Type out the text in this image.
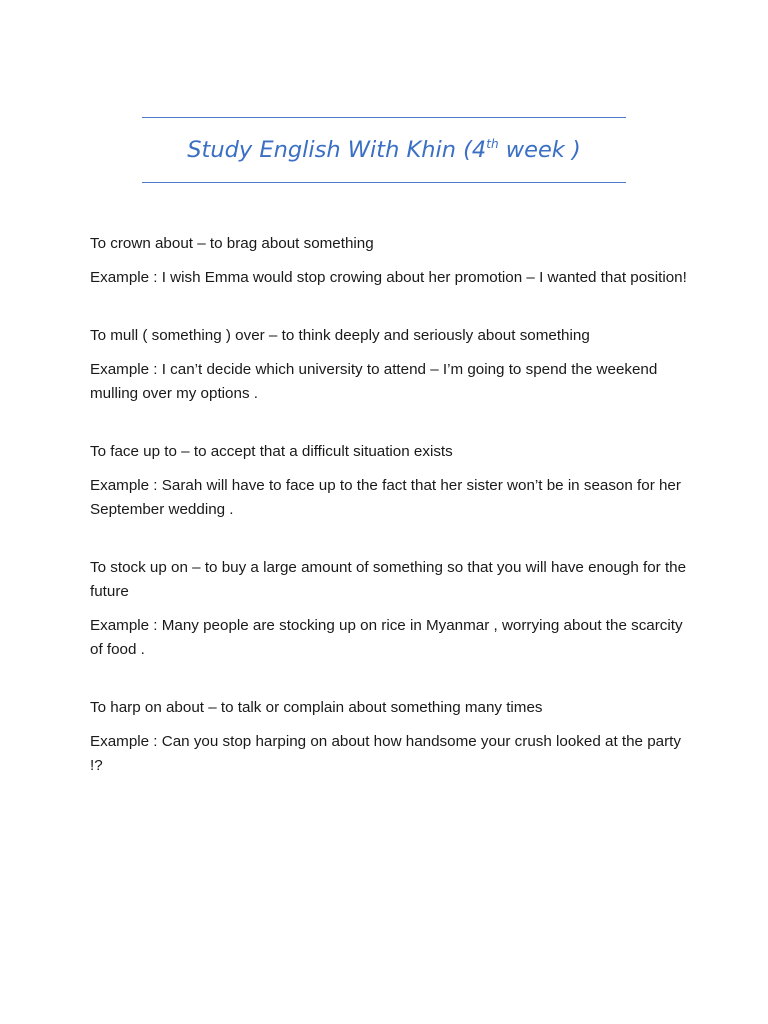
Study English With Khin (4th week )

To crown about – to brag about something

Example : I wish Emma would stop crowing about her promotion – I wanted that position!

To mull ( something ) over – to think deeply and seriously about something

Example : I can’t decide which university to attend – I’m going to spend the weekend mulling over my options .

To face up to – to accept that a difficult situation exists

Example : Sarah will have to face up to the fact that her sister won’t be in season for her September wedding .

To stock up on – to buy a large amount of something so that you will have enough for the future

Example : Many people are stocking up on rice in Myanmar , worrying about the scarcity of food .

To harp on about – to talk or complain about something many times

Example : Can you stop harping on about how handsome your crush looked at the party !?
